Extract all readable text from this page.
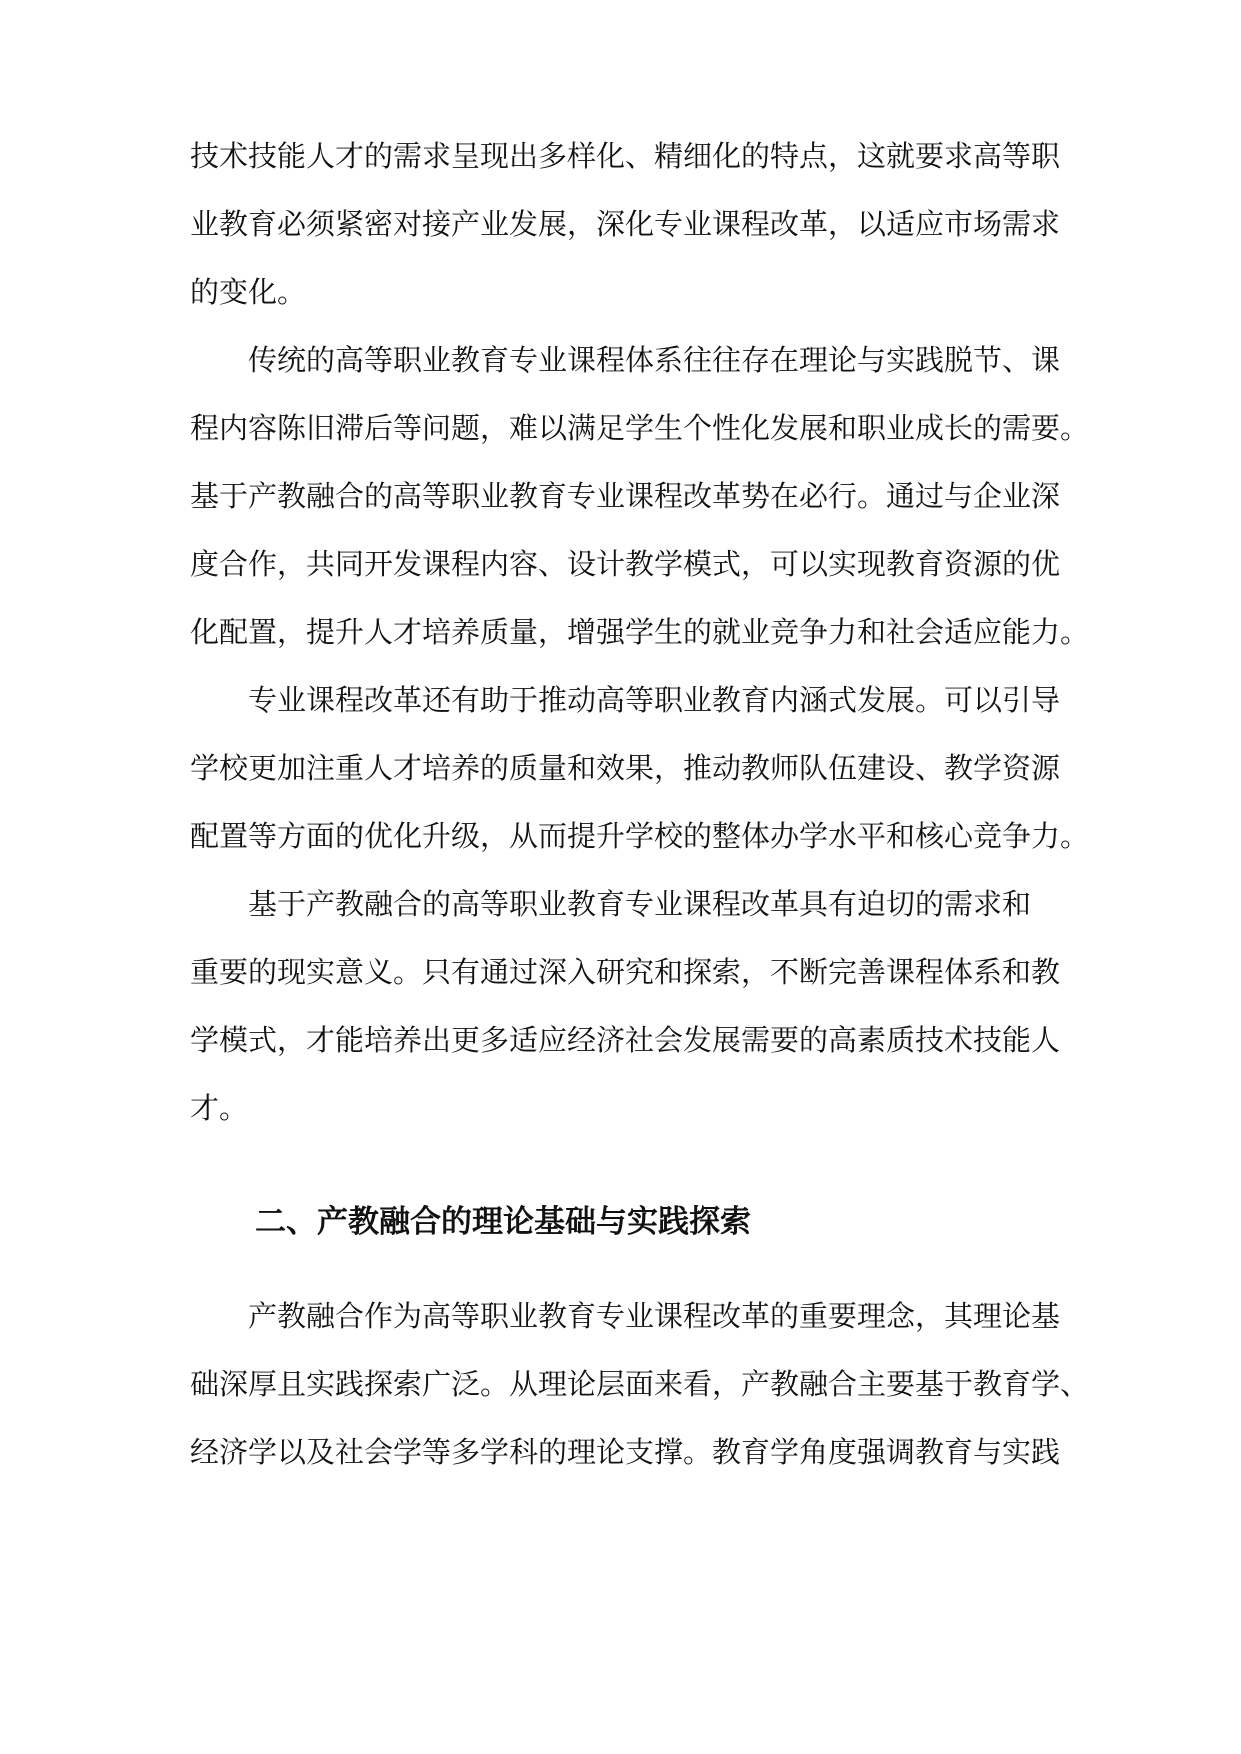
技术技能人才的需求呈现出多样化、精细化的特点，这就要求高等职
业教育必须紧密对接产业发展，深化专业课程改革，以适应市场需求
的变化。
传统的高等职业教育专业课程体系往往存在理论与实践脱节、课
程内容陈旧滞后等问题，难以满足学生个性化发展和职业成长的需要。
基于产教融合的高等职业教育专业课程改革势在必行。通过与企业深
度合作，共同开发课程内容、设计教学模式，可以实现教育资源的优
化配置，提升人才培养质量，增强学生的就业竞争力和社会适应能力。
专业课程改革还有助于推动高等职业教育内涵式发展。可以引导
学校更加注重人才培养的质量和效果，推动教师队伍建设、教学资源
配置等方面的优化升级，从而提升学校的整体办学水平和核心竞争力。
基于产教融合的高等职业教育专业课程改革具有迫切的需求和
重要的现实意义。只有通过深入研究和探索，不断完善课程体系和教
学模式，才能培养出更多适应经济社会发展需要的高素质技术技能人
才。
二、产教融合的理论基础与实践探索
产教融合作为高等职业教育专业课程改革的重要理念，其理论基
础深厚且实践探索广泛。从理论层面来看，产教融合主要基于教育学、
经济学以及社会学等多学科的理论支撑。教育学角度强调教育与实践
